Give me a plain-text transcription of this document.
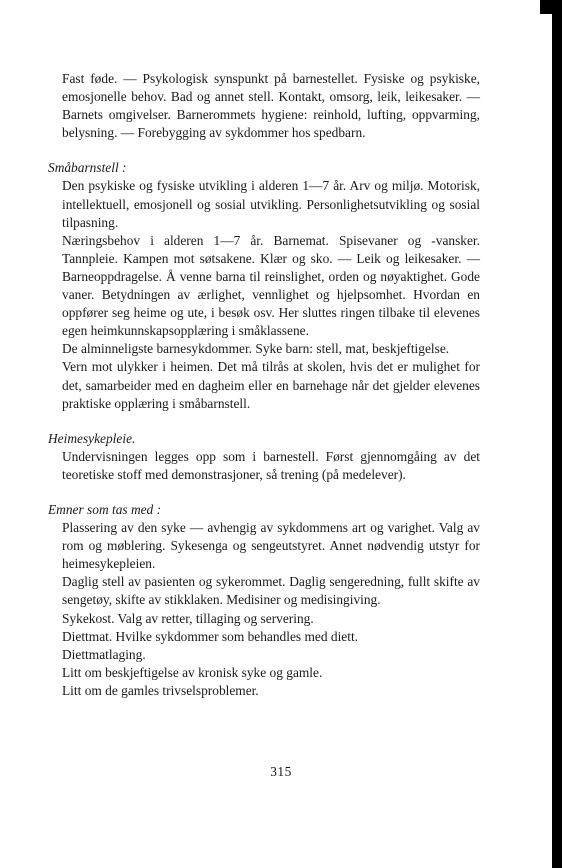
Fast føde. — Psykologisk synspunkt på barnestellet. Fysiske og psykiske, emosjonelle behov. Bad og annet stell. Kontakt, omsorg, leik, leikesaker. — Barnets omgivelser. Barnerommets hygiene: reinhold, lufting, oppvarming, belysning. — Forebygging av sykdommer hos spedbarn.

Småbarnstell :

Den psykiske og fysiske utvikling i alderen 1—7 år. Arv og miljø. Motorisk, intellektuell, emosjonell og sosial utvikling. Personlighetsutvikling og sosial tilpasning.

Næringsbehov i alderen 1—7 år. Barnemat. Spisevaner og -vansker. Tannpleie. Kampen mot søtsakene. Klær og sko. — Leik og leikesaker. — Barneoppdragelse. Å venne barna til reinslighet, orden og nøyaktighet. Gode vaner. Betydningen av ærlighet, vennlighet og hjelpsomhet. Hvordan en oppfører seg heime og ute, i besøk osv. Her sluttes ringen tilbake til elevenes egen heimkunnskapsopplæring i småklassene.

De alminneligste barnesykdommer. Syke barn: stell, mat, beskjeftigelse.

Vern mot ulykker i heimen. Det må tilrås at skolen, hvis det er mulighet for det, samarbeider med en dagheim eller en barnehage når det gjelder elevenes praktiske opplæring i småbarnstell.

Heimesykepleie.

Undervisningen legges opp som i barnestell. Først gjennomgåing av det teoretiske stoff med demonstrasjoner, så trening (på medelever).

Emner som tas med :

Plassering av den syke — avhengig av sykdommens art og varighet. Valg av rom og møblering. Sykesenga og sengeutstyret. Annet nødvendig utstyr for heimesykepleien.

Daglig stell av pasienten og sykerommet. Daglig sengeredning, fullt skifte av sengetøy, skifte av stikklaken. Medisiner og medisingiving.

Sykekost. Valg av retter, tillaging og servering.

Diettmat. Hvilke sykdommer som behandles med diett.

Diettmatlaging.

Litt om beskjeftigelse av kronisk syke og gamle.

Litt om de gamles trivselsproblemer.

315
